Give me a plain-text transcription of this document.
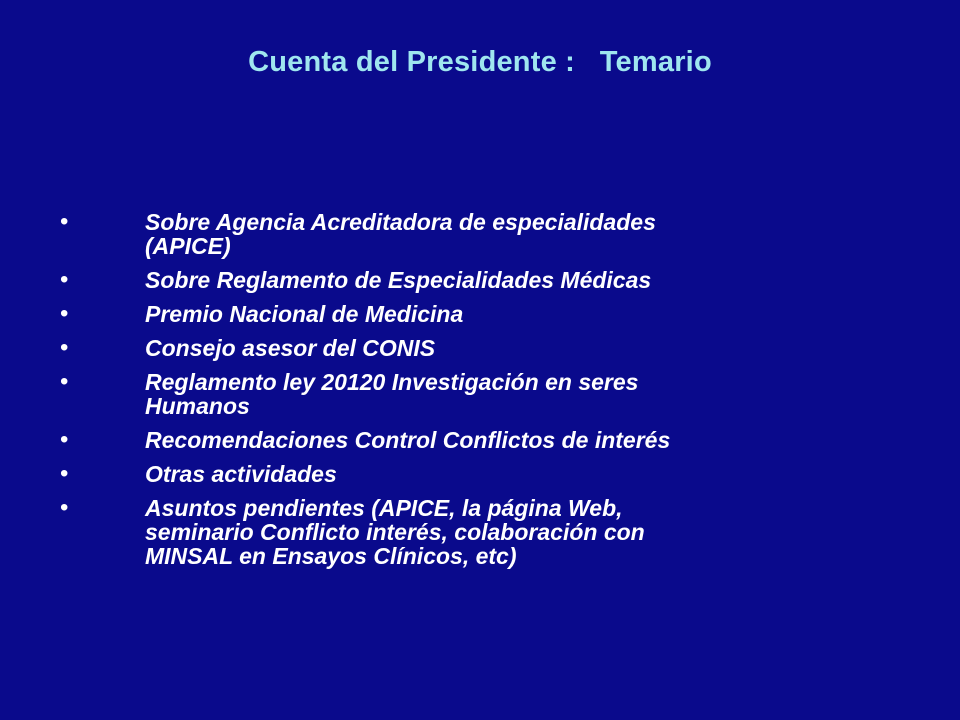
Cuenta del Presidente :   Temario
•	Sobre Agencia Acreditadora de especialidades
(APICE)
•	Sobre Reglamento de Especialidades Médicas
•	Premio Nacional de Medicina
•	Consejo asesor del CONIS
•	Reglamento ley 20120 Investigación en seres
Humanos
•	Recomendaciones Control Conflictos de interés
•	Otras actividades
•	Asuntos pendientes (APICE, la página Web,
seminario Conflicto interés, colaboración con
MINSAL en Ensayos Clínicos, etc)
